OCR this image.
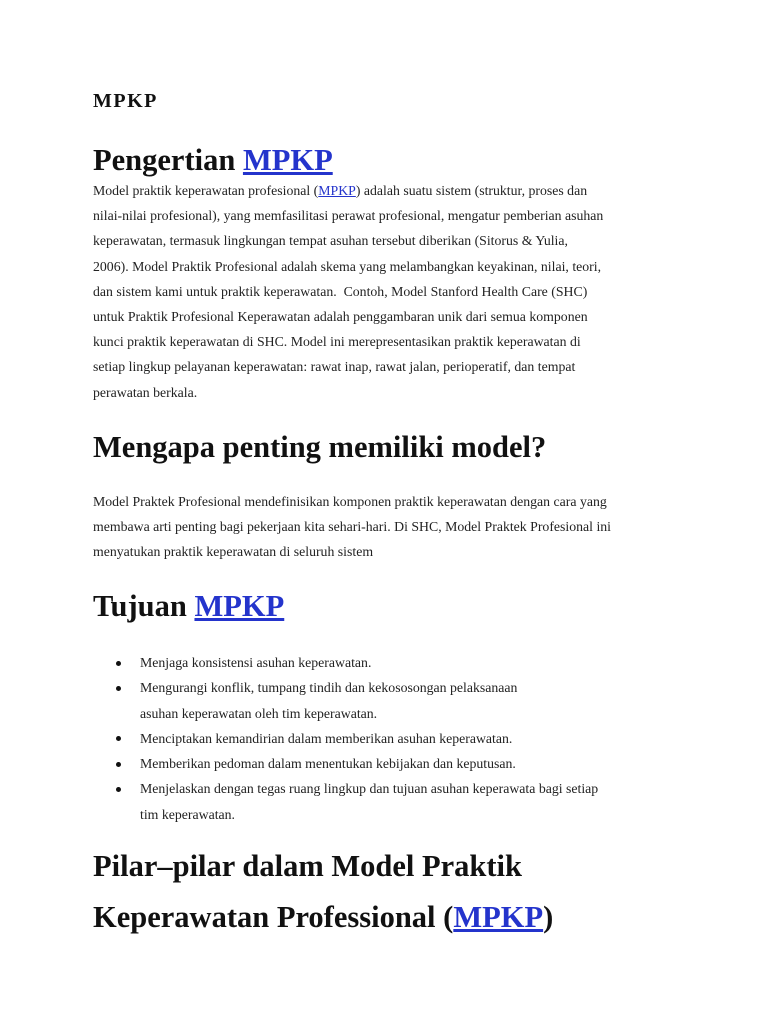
MPKP
Pengertian MPKP
Model praktik keperawatan profesional (MPKP) adalah suatu sistem (struktur, proses dan
nilai-nilai profesional), yang memfasilitasi perawat profesional, mengatur pemberian asuhan
keperawatan, termasuk lingkungan tempat asuhan tersebut diberikan (Sitorus & Yulia,
2006). Model Praktik Profesional adalah skema yang melambangkan keyakinan, nilai, teori,
dan sistem kami untuk praktik keperawatan.  Contoh, Model Stanford Health Care (SHC)
untuk Praktik Profesional Keperawatan adalah penggambaran unik dari semua komponen
kunci praktik keperawatan di SHC. Model ini merepresentasikan praktik keperawatan di
setiap lingkup pelayanan keperawatan: rawat inap, rawat jalan, perioperatif, dan tempat
perawatan berkala.
Mengapa penting memiliki model?
Model Praktek Profesional mendefinisikan komponen praktik keperawatan dengan cara yang
membawa arti penting bagi pekerjaan kita sehari-hari. Di SHC, Model Praktek Profesional ini
menyatukan praktik keperawatan di seluruh sistem
Tujuan MPKP
Menjaga konsistensi asuhan keperawatan.
Mengurangi konflik, tumpang tindih dan kekososongan pelaksanaan
asuhan keperawatan oleh tim keperawatan.
Menciptakan kemandirian dalam memberikan asuhan keperawatan.
Memberikan pedoman dalam menentukan kebijakan dan keputusan.
Menjelaskan dengan tegas ruang lingkup dan tujuan asuhan keperawata bagi setiap
tim keperawatan.
Pilar–pilar dalam Model Praktik
Keperawatan Professional (MPKP)
